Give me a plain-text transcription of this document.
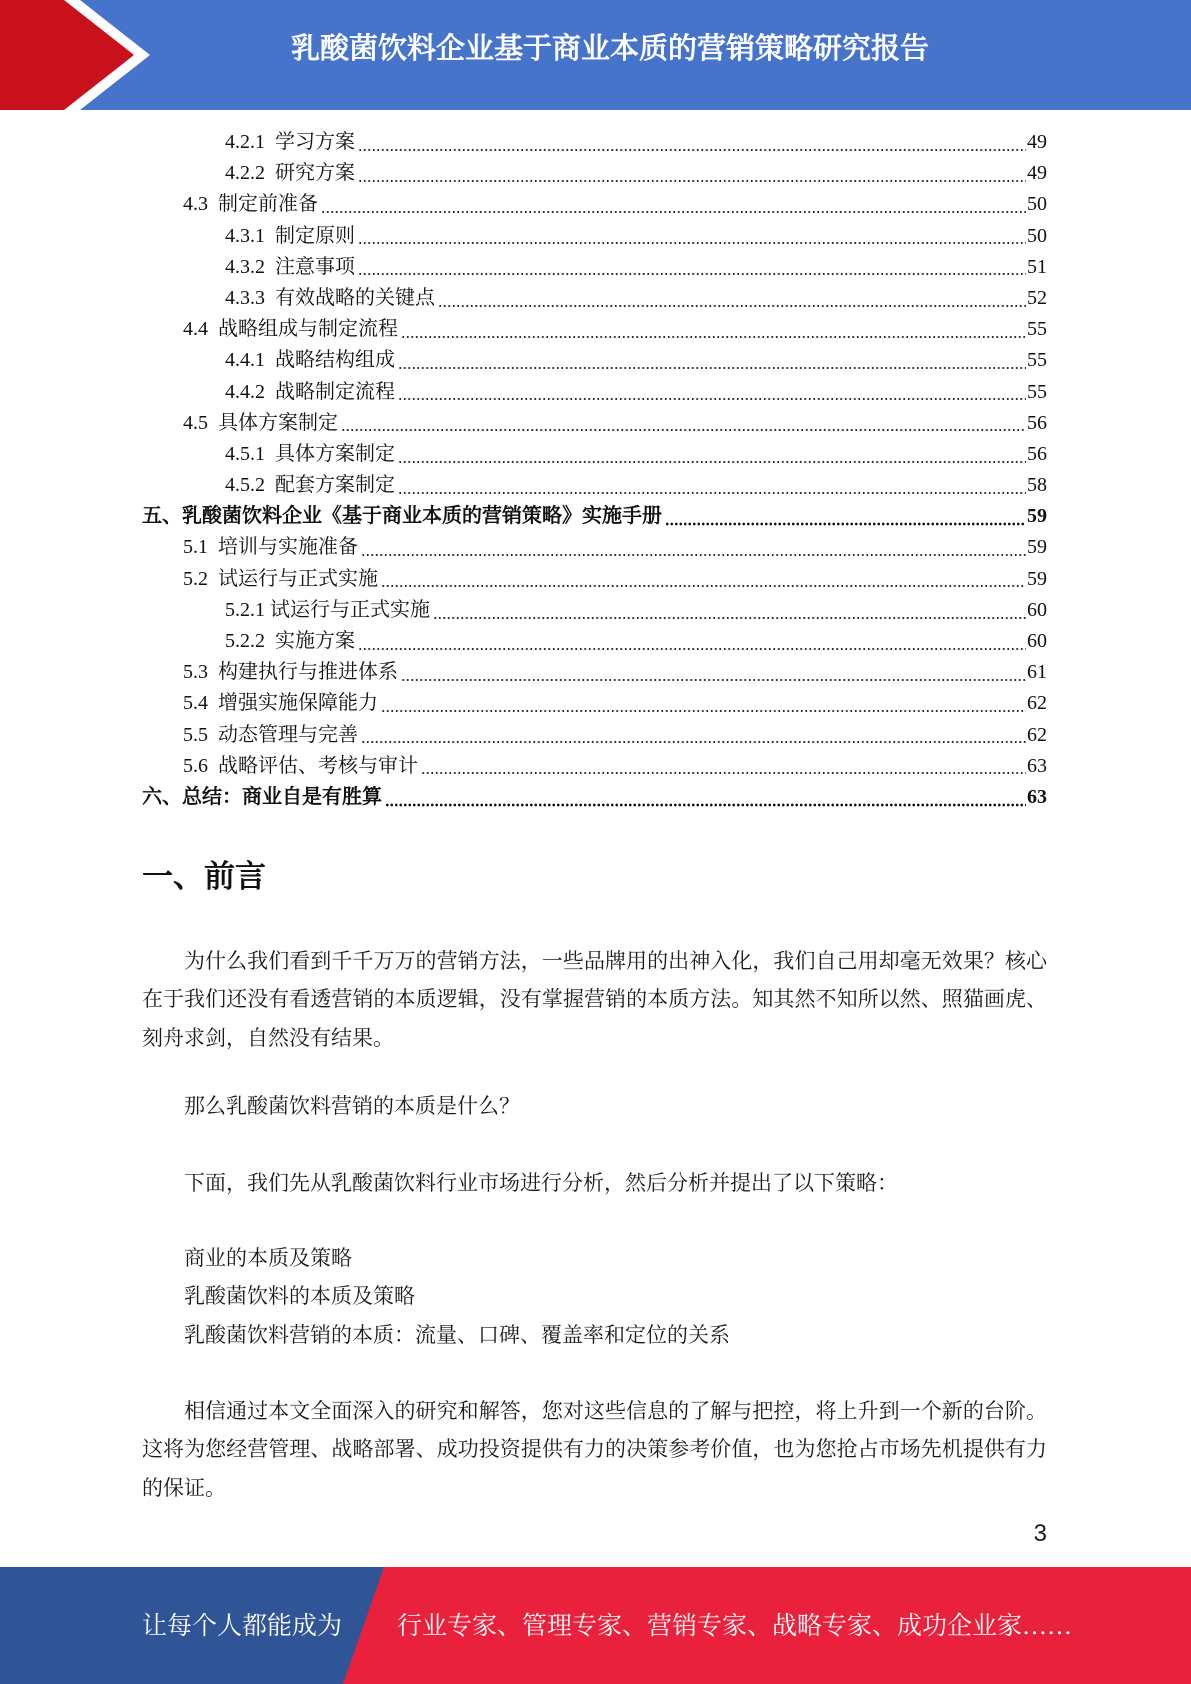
乳酸菌饮料企业基于商业本质的营销策略研究报告
4.2.1  学习方案	49
4.2.2  研究方案	49
4.3  制定前准备	50
4.3.1  制定原则	50
4.3.2  注意事项	51
4.3.3  有效战略的关键点	52
4.4  战略组成与制定流程	55
4.4.1  战略结构组成	55
4.4.2  战略制定流程	55
4.5  具体方案制定	56
4.5.1  具体方案制定	56
4.5.2  配套方案制定	58
五、乳酸菌饮料企业《基于商业本质的营销策略》实施手册	59
5.1  培训与实施准备	59
5.2  试运行与正式实施	59
5.2.1 试运行与正式实施	60
5.2.2  实施方案	60
5.3  构建执行与推进体系	61
5.4  增强实施保障能力	62
5.5  动态管理与完善	62
5.6  战略评估、考核与审计	63
六、总结：商业自是有胜算	63
一、前言
为什么我们看到千千万万的营销方法，一些品牌用的出神入化，我们自己用却毫无效果？核心
在于我们还没有看透营销的本质逻辑，没有掌握营销的本质方法。知其然不知所以然、照猫画虎、
刻舟求剑，自然没有结果。
那么乳酸菌饮料营销的本质是什么？
下面，我们先从乳酸菌饮料行业市场进行分析，然后分析并提出了以下策略：
商业的本质及策略
乳酸菌饮料的本质及策略
乳酸菌饮料营销的本质：流量、口碑、覆盖率和定位的关系
相信通过本文全面深入的研究和解答，您对这些信息的了解与把控，将上升到一个新的台阶。
这将为您经营管理、战略部署、成功投资提供有力的决策参考价值，也为您抢占市场先机提供有力
的保证。
3
让每个人都能成为 行业专家、管理专家、营销专家、战略专家、成功企业家……
